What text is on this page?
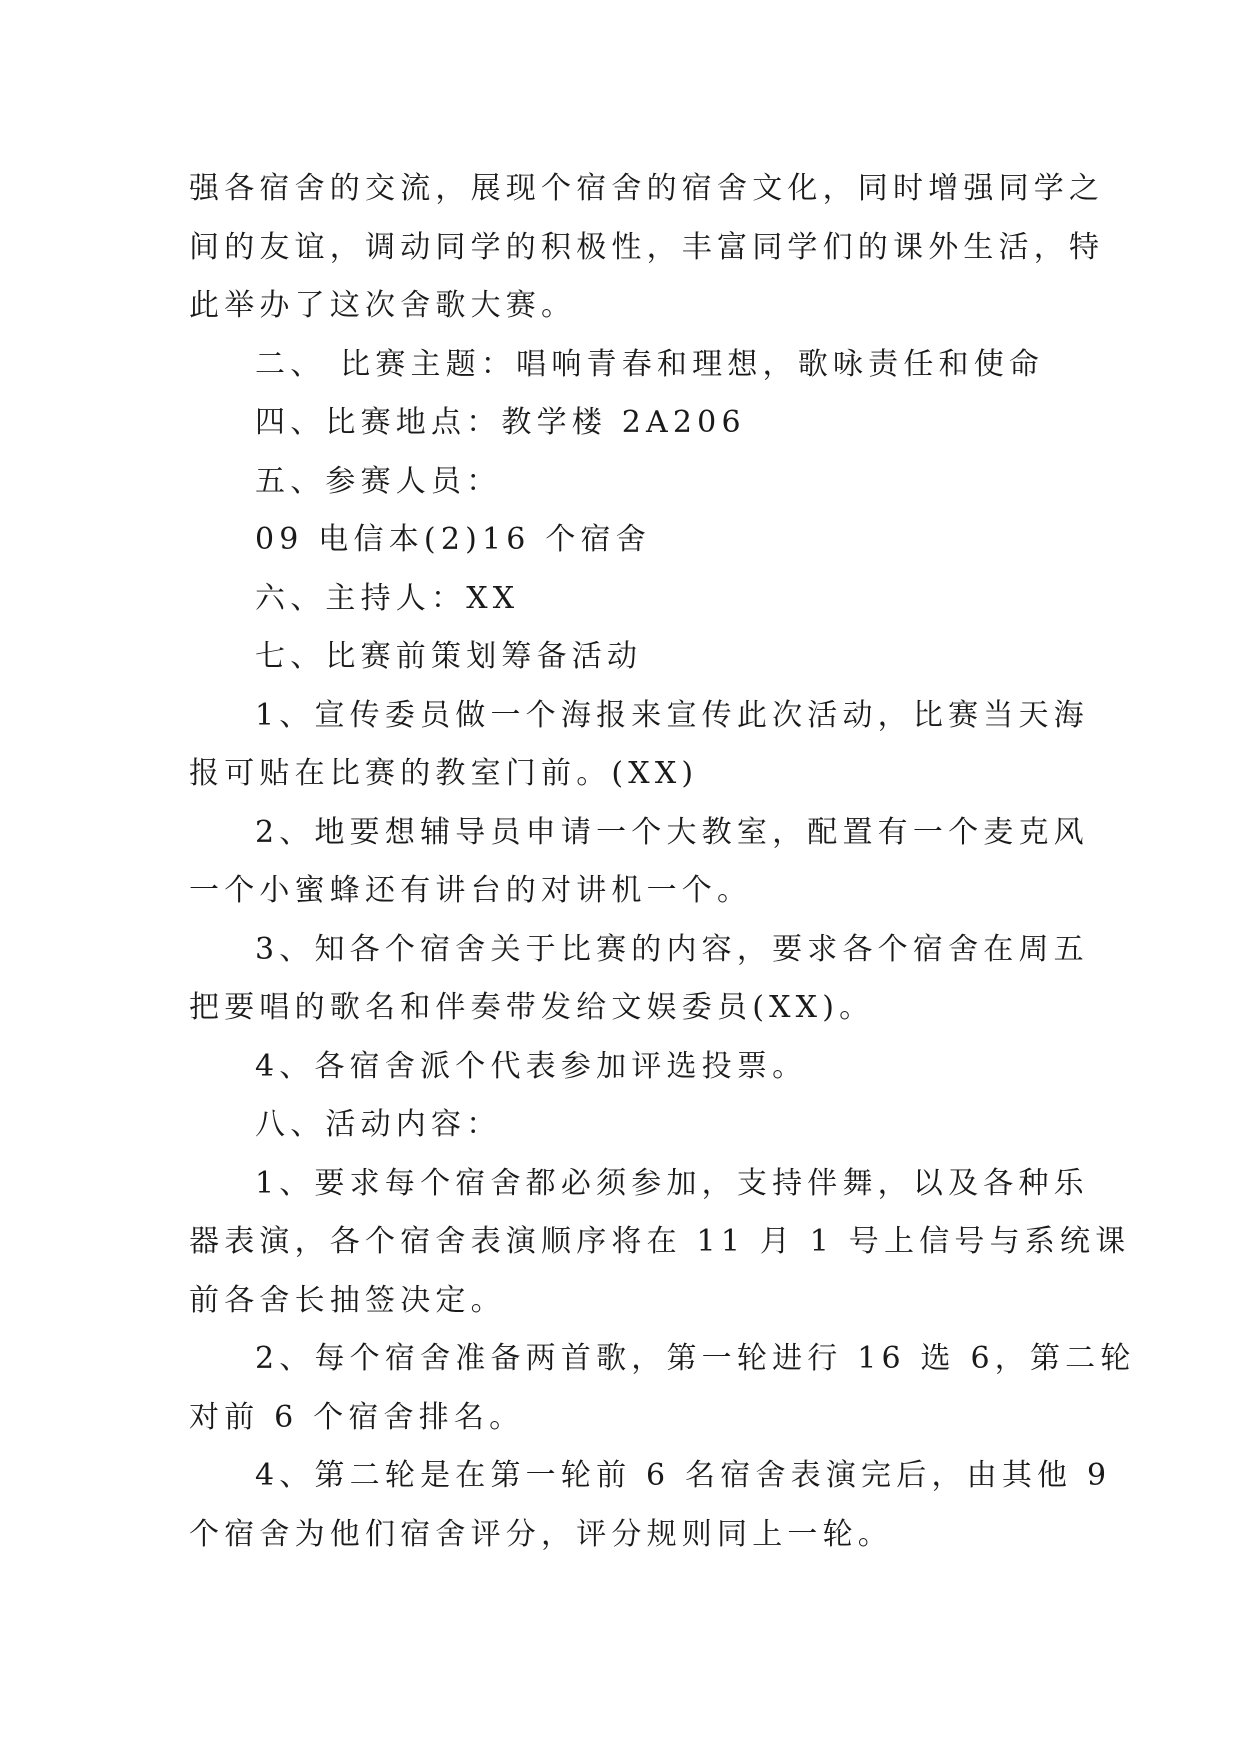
强各宿舍的交流，展现个宿舍的宿舍文化，同时增强同学之
间的友谊，调动同学的积极性，丰富同学们的课外生活，特
此举办了这次舍歌大赛。
二、 比赛主题：唱响青春和理想，歌咏责任和使命
四、比赛地点：教学楼 2A206
五、参赛人员：
09 电信本(2)16 个宿舍
六、主持人：XX
七、比赛前策划筹备活动
1、宣传委员做一个海报来宣传此次活动，比赛当天海
报可贴在比赛的教室门前。(XX)
2、地要想辅导员申请一个大教室，配置有一个麦克风
一个小蜜蜂还有讲台的对讲机一个。
3、知各个宿舍关于比赛的内容，要求各个宿舍在周五
把要唱的歌名和伴奏带发给文娱委员(XX)。
4、各宿舍派个代表参加评选投票。
八、活动内容：
1、要求每个宿舍都必须参加，支持伴舞，以及各种乐
器表演，各个宿舍表演顺序将在 11 月 1 号上信号与系统课
前各舍长抽签决定。
2、每个宿舍准备两首歌，第一轮进行 16 选 6，第二轮
对前 6 个宿舍排名。
4、第二轮是在第一轮前 6 名宿舍表演完后，由其他 9
个宿舍为他们宿舍评分，评分规则同上一轮。
